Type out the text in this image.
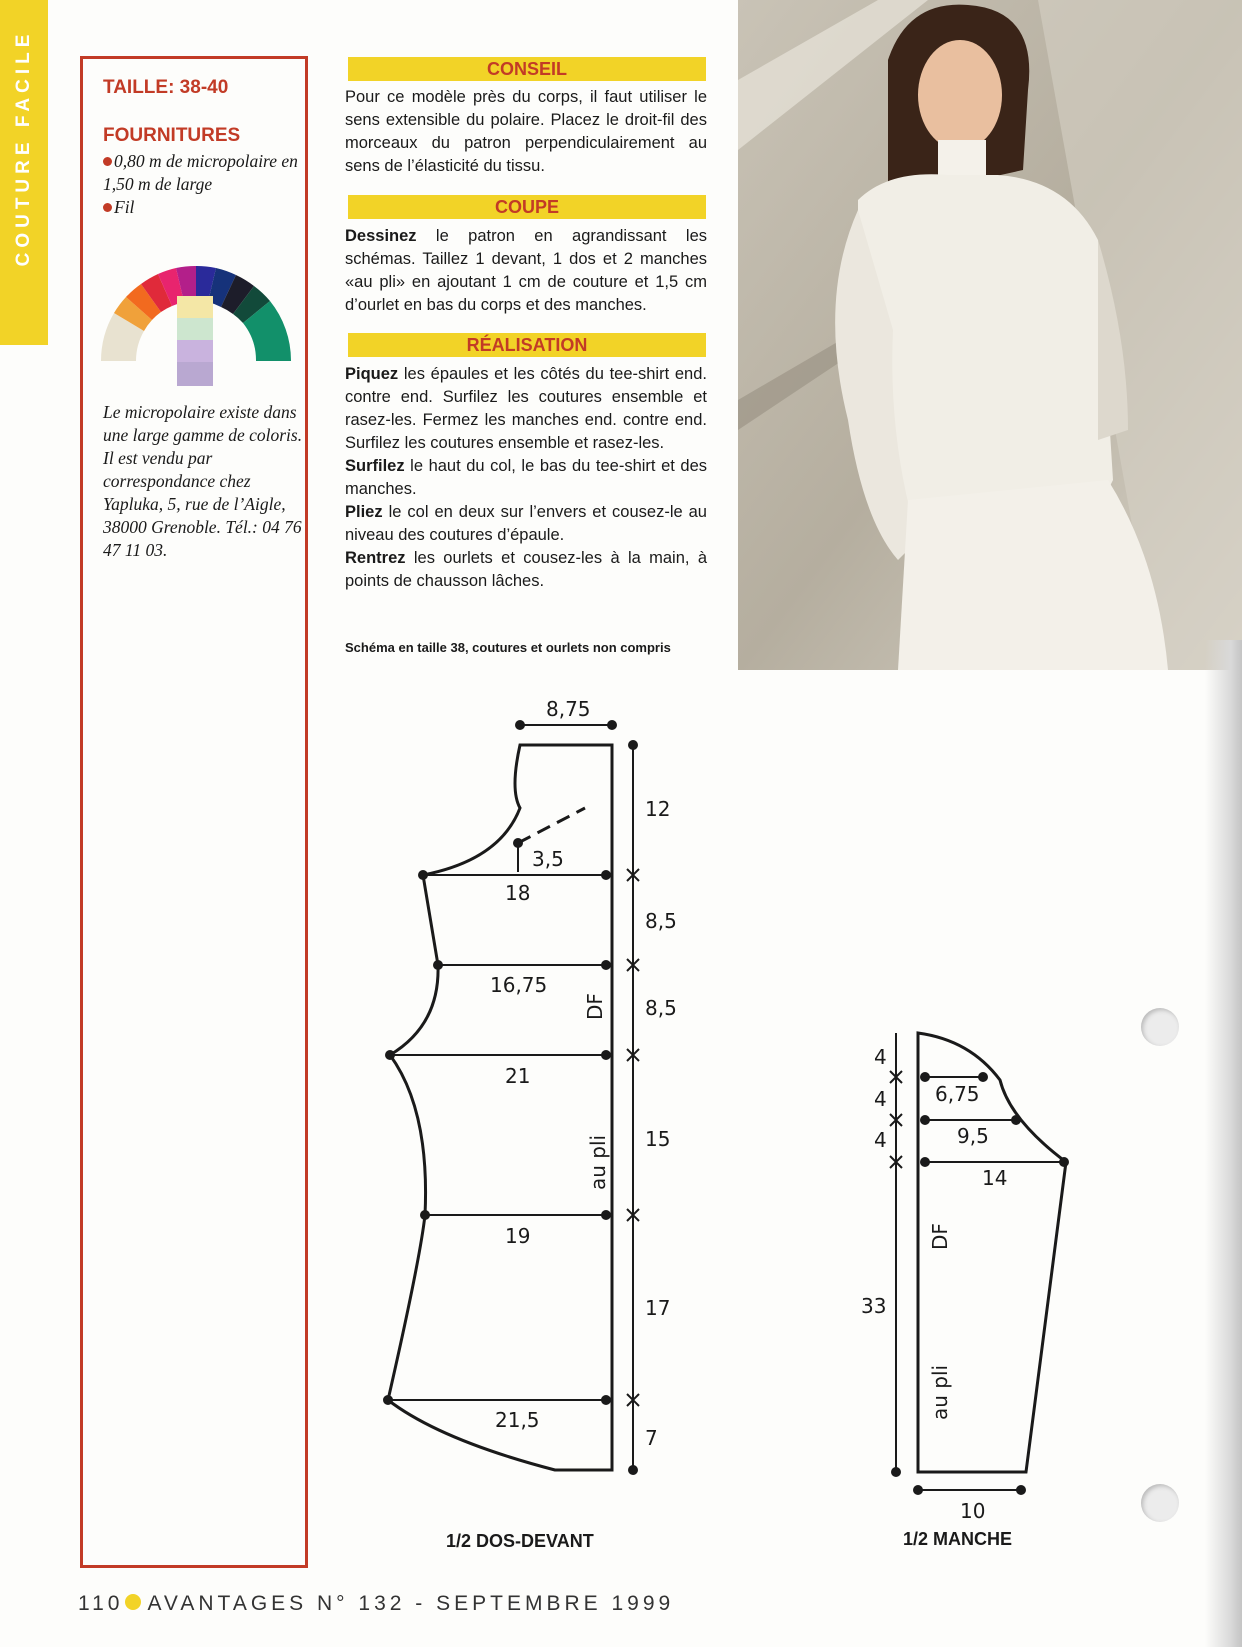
COUTURE FACILE	TAILLE: 38-40
FOURNITURES
0,80 m de micropolaire en 1,50 m de large
Fil
Le micropolaire existe dans une large gamme de coloris. Il est vendu par correspondance chez Yapluka, 5, rue de l’Aigle, 38000 Grenoble. Tél.: 04 76 47 11 03.
CONSEIL
Pour ce modèle près du corps, il faut utiliser le sens extensible du polaire. Placez le droit-fil des morceaux du patron perpendiculairement au sens de l’élasticité du tissu.
COUPE
Dessinez le patron en agrandissant les schémas. Taillez 1 devant, 1 dos et 2 manches «au pli» en ajoutant 1 cm de couture et 1,5 cm d’ourlet en bas du corps et des manches.
RÉALISATION
Piquez les épaules et les côtés du tee-shirt end. contre end. Surfilez les coutures ensemble et rasez-les. Fermez les manches end. contre end. Surfilez les coutures ensemble et rasez-les.
Surfilez le haut du col, le bas du tee-shirt et des manches.
Pliez le col en deux sur l’envers et cousez-le au niveau des coutures d’épaule.
Rentrez les ourlets et cousez-les à la main, à points de chausson lâches.
Schéma en taille 38, coutures et ourlets non compris
8,75
3,5
18
16,75
21
19
21,5
12
8,5
8,5
15
17
7
DF
au pli
1/2 DOS-DEVANT
4
4
4
6,75
9,5
14
33
10
DF
au pli
1/2 MANCHE
110 AVANTAGES N° 132 - SEPTEMBRE 1999
